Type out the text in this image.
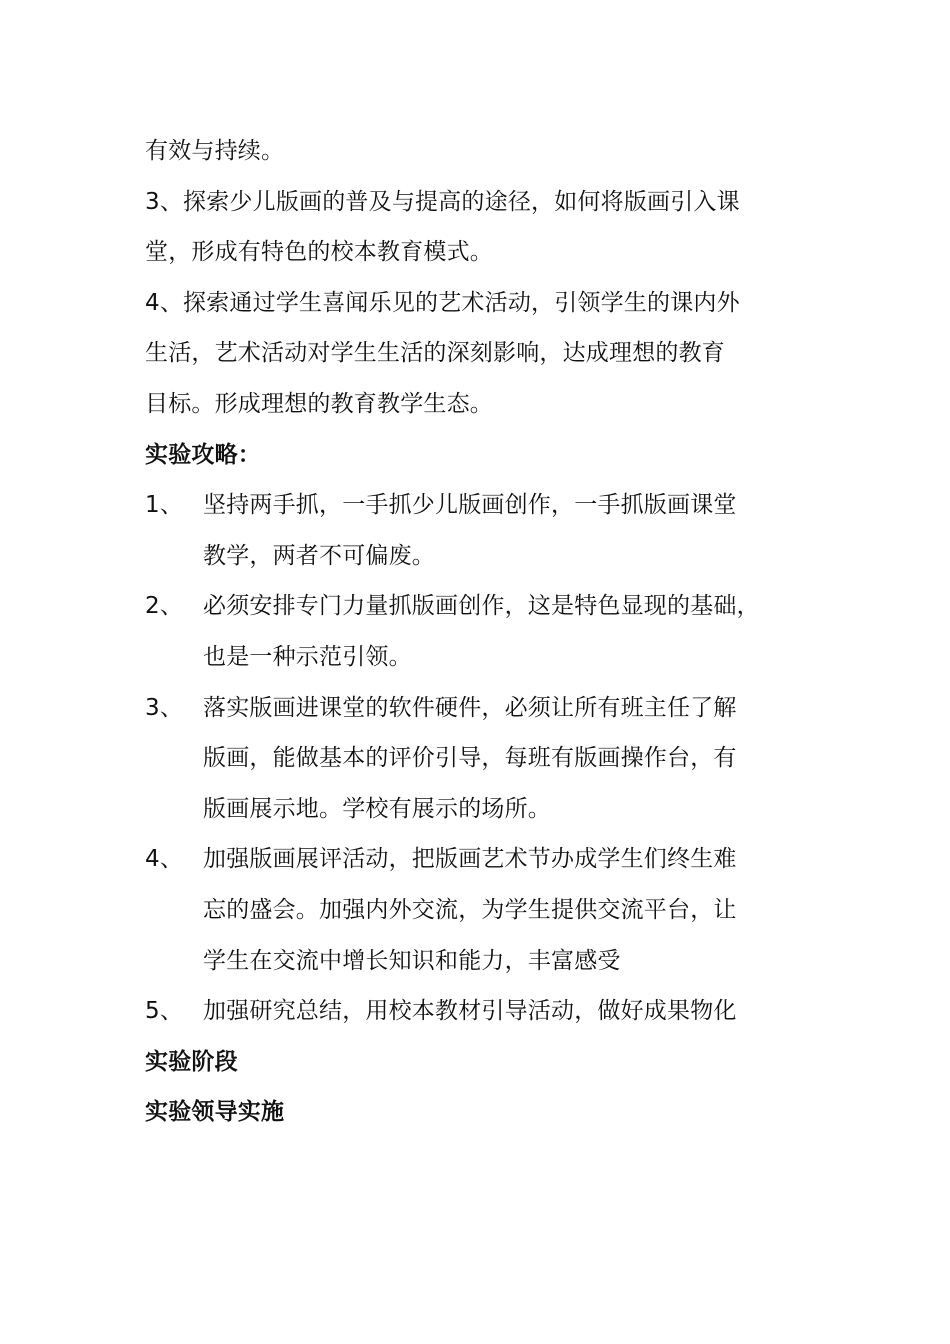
有效与持续。
3、探索少儿版画的普及与提高的途径，如何将版画引入课
堂，形成有特色的校本教育模式。
4、探索通过学生喜闻乐见的艺术活动，引领学生的课内外
生活，艺术活动对学生生活的深刻影响，达成理想的教育
目标。形成理想的教育教学生态。
实验攻略：
1、 坚持两手抓，一手抓少儿版画创作，一手抓版画课堂
教学，两者不可偏废。
2、 必须安排专门力量抓版画创作，这是特色显现的基础，
也是一种示范引领。
3、 落实版画进课堂的软件硬件，必须让所有班主任了解
版画，能做基本的评价引导，每班有版画操作台，有
版画展示地。学校有展示的场所。
4、 加强版画展评活动，把版画艺术节办成学生们终生难
忘的盛会。加强内外交流，为学生提供交流平台，让
学生在交流中增长知识和能力，丰富感受
5、 加强研究总结，用校本教材引导活动，做好成果物化
实验阶段
实验领导实施
